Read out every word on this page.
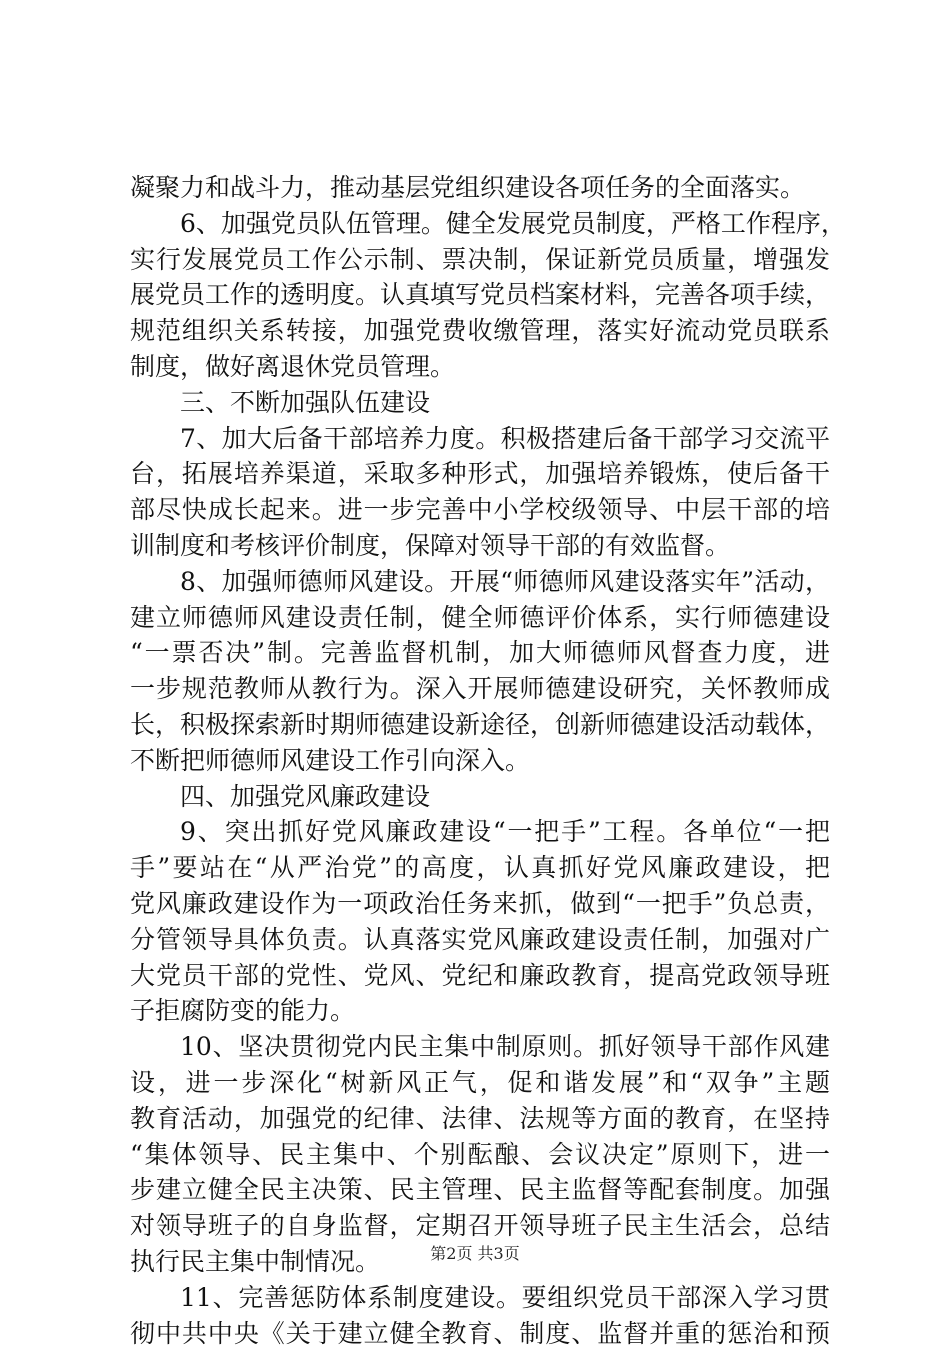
凝聚力和战斗力，推动基层党组织建设各项任务的全面落实。
6、加强党员队伍管理。健全发展党员制度，严格工作程序，
实行发展党员工作公示制、票决制，保证新党员质量，增强发
展党员工作的透明度。认真填写党员档案材料，完善各项手续，
规范组织关系转接，加强党费收缴管理，落实好流动党员联系
制度，做好离退休党员管理。
三、不断加强队伍建设
7、加大后备干部培养力度。积极搭建后备干部学习交流平
台，拓展培养渠道，采取多种形式，加强培养锻炼，使后备干
部尽快成长起来。进一步完善中小学校级领导、中层干部的培
训制度和考核评价制度，保障对领导干部的有效监督。
8、加强师德师风建设。开展“师德师风建设落实年”活动，
建立师德师风建设责任制，健全师德评价体系，实行师德建设
“一票否决”制。完善监督机制，加大师德师风督查力度，进
一步规范教师从教行为。深入开展师德建设研究，关怀教师成
长，积极探索新时期师德建设新途径，创新师德建设活动载体，
不断把师德师风建设工作引向深入。
四、加强党风廉政建设
9、突出抓好党风廉政建设“一把手”工程。各单位“一把
手”要站在“从严治党”的高度，认真抓好党风廉政建设，把
党风廉政建设作为一项政治任务来抓，做到“一把手”负总责，
分管领导具体负责。认真落实党风廉政建设责任制，加强对广
大党员干部的党性、党风、党纪和廉政教育，提高党政领导班
子拒腐防变的能力。
10、坚决贯彻党内民主集中制原则。抓好领导干部作风建
设，进一步深化“树新风正气，促和谐发展”和“双争”主题
教育活动，加强党的纪律、法律、法规等方面的教育，在坚持
“集体领导、民主集中、个别酝酿、会议决定”原则下，进一
步建立健全民主决策、民主管理、民主监督等配套制度。加强
对领导班子的自身监督，定期召开领导班子民主生活会，总结
执行民主集中制情况。
11、完善惩防体系制度建设。要组织党员干部深入学习贯
彻中共中央《关于建立健全教育、制度、监督并重的惩治和预
第2页 共3页
